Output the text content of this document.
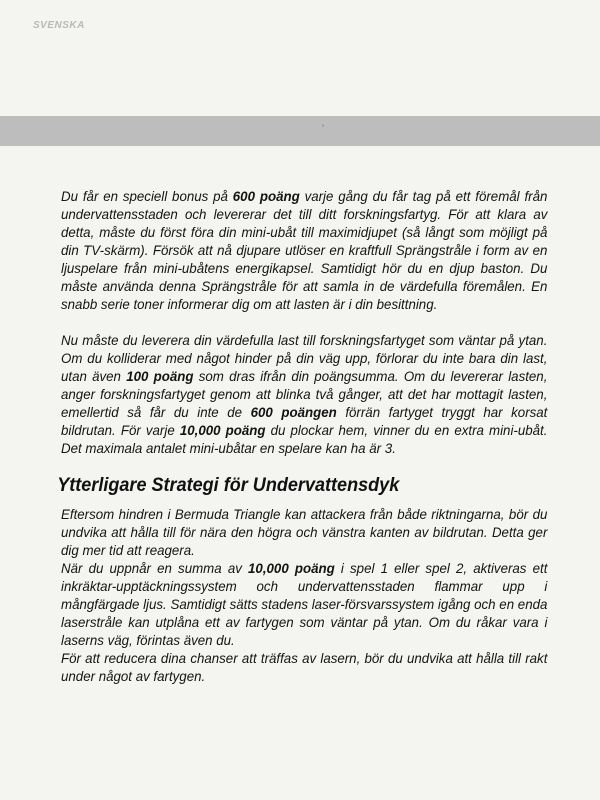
SVENSKA
˚

Du får en speciell bonus på 600 poäng varje gång du får tag på ett föremål från undervattensstaden och levererar det till ditt forskningsfartyg. För att klara av detta, måste du först föra din mini-ubåt till maximidjupet (så långt som möjligt på din TV-skärm). Försök att nå djupare utlöser en kraftfull Sprängstråle i form av en ljuspelare från mini-ubåtens energikapsel. Samtidigt hör du en djup baston. Du måste använda denna Sprängstråle för att samla in de värdefulla föremålen. En snabb serie toner informerar dig om att lasten är i din besittning.

Nu måste du leverera din värdefulla last till forskningsfartyget som väntar på ytan. Om du kolliderar med något hinder på din väg upp, förlorar du inte bara din last, utan även 100 poäng som dras ifrån din poängsumma. Om du levererar lasten, anger forskningsfartyget genom att blinka två gånger, att det har mottagit lasten, emellertid så får du inte de 600 poängen förrän fartyget tryggt har korsat bildrutan. För varje 10,000 poäng du plockar hem, vinner du en extra mini-ubåt. Det maximala antalet mini-ubåtar en spelare kan ha är 3.

Ytterligare Strategi för Undervattensdyk

Eftersom hindren i Bermuda Triangle kan attackera från både riktningarna, bör du undvika att hålla till för nära den högra och vänstra kanten av bildrutan. Detta ger dig mer tid att reagera.

När du uppnår en summa av 10,000 poäng i spel 1 eller spel 2, aktiveras ett inkräktar-upptäckningssystem och undervattensstaden flammar upp i mångfärgade ljus. Samtidigt sätts stadens laser-försvarssystem igång och en enda laserstråle kan utplåna ett av fartygen som väntar på ytan. Om du råkar vara i laserns väg, förintas även du.

För att reducera dina chanser att träffas av lasern, bör du undvika att hålla till rakt under något av fartygen.
